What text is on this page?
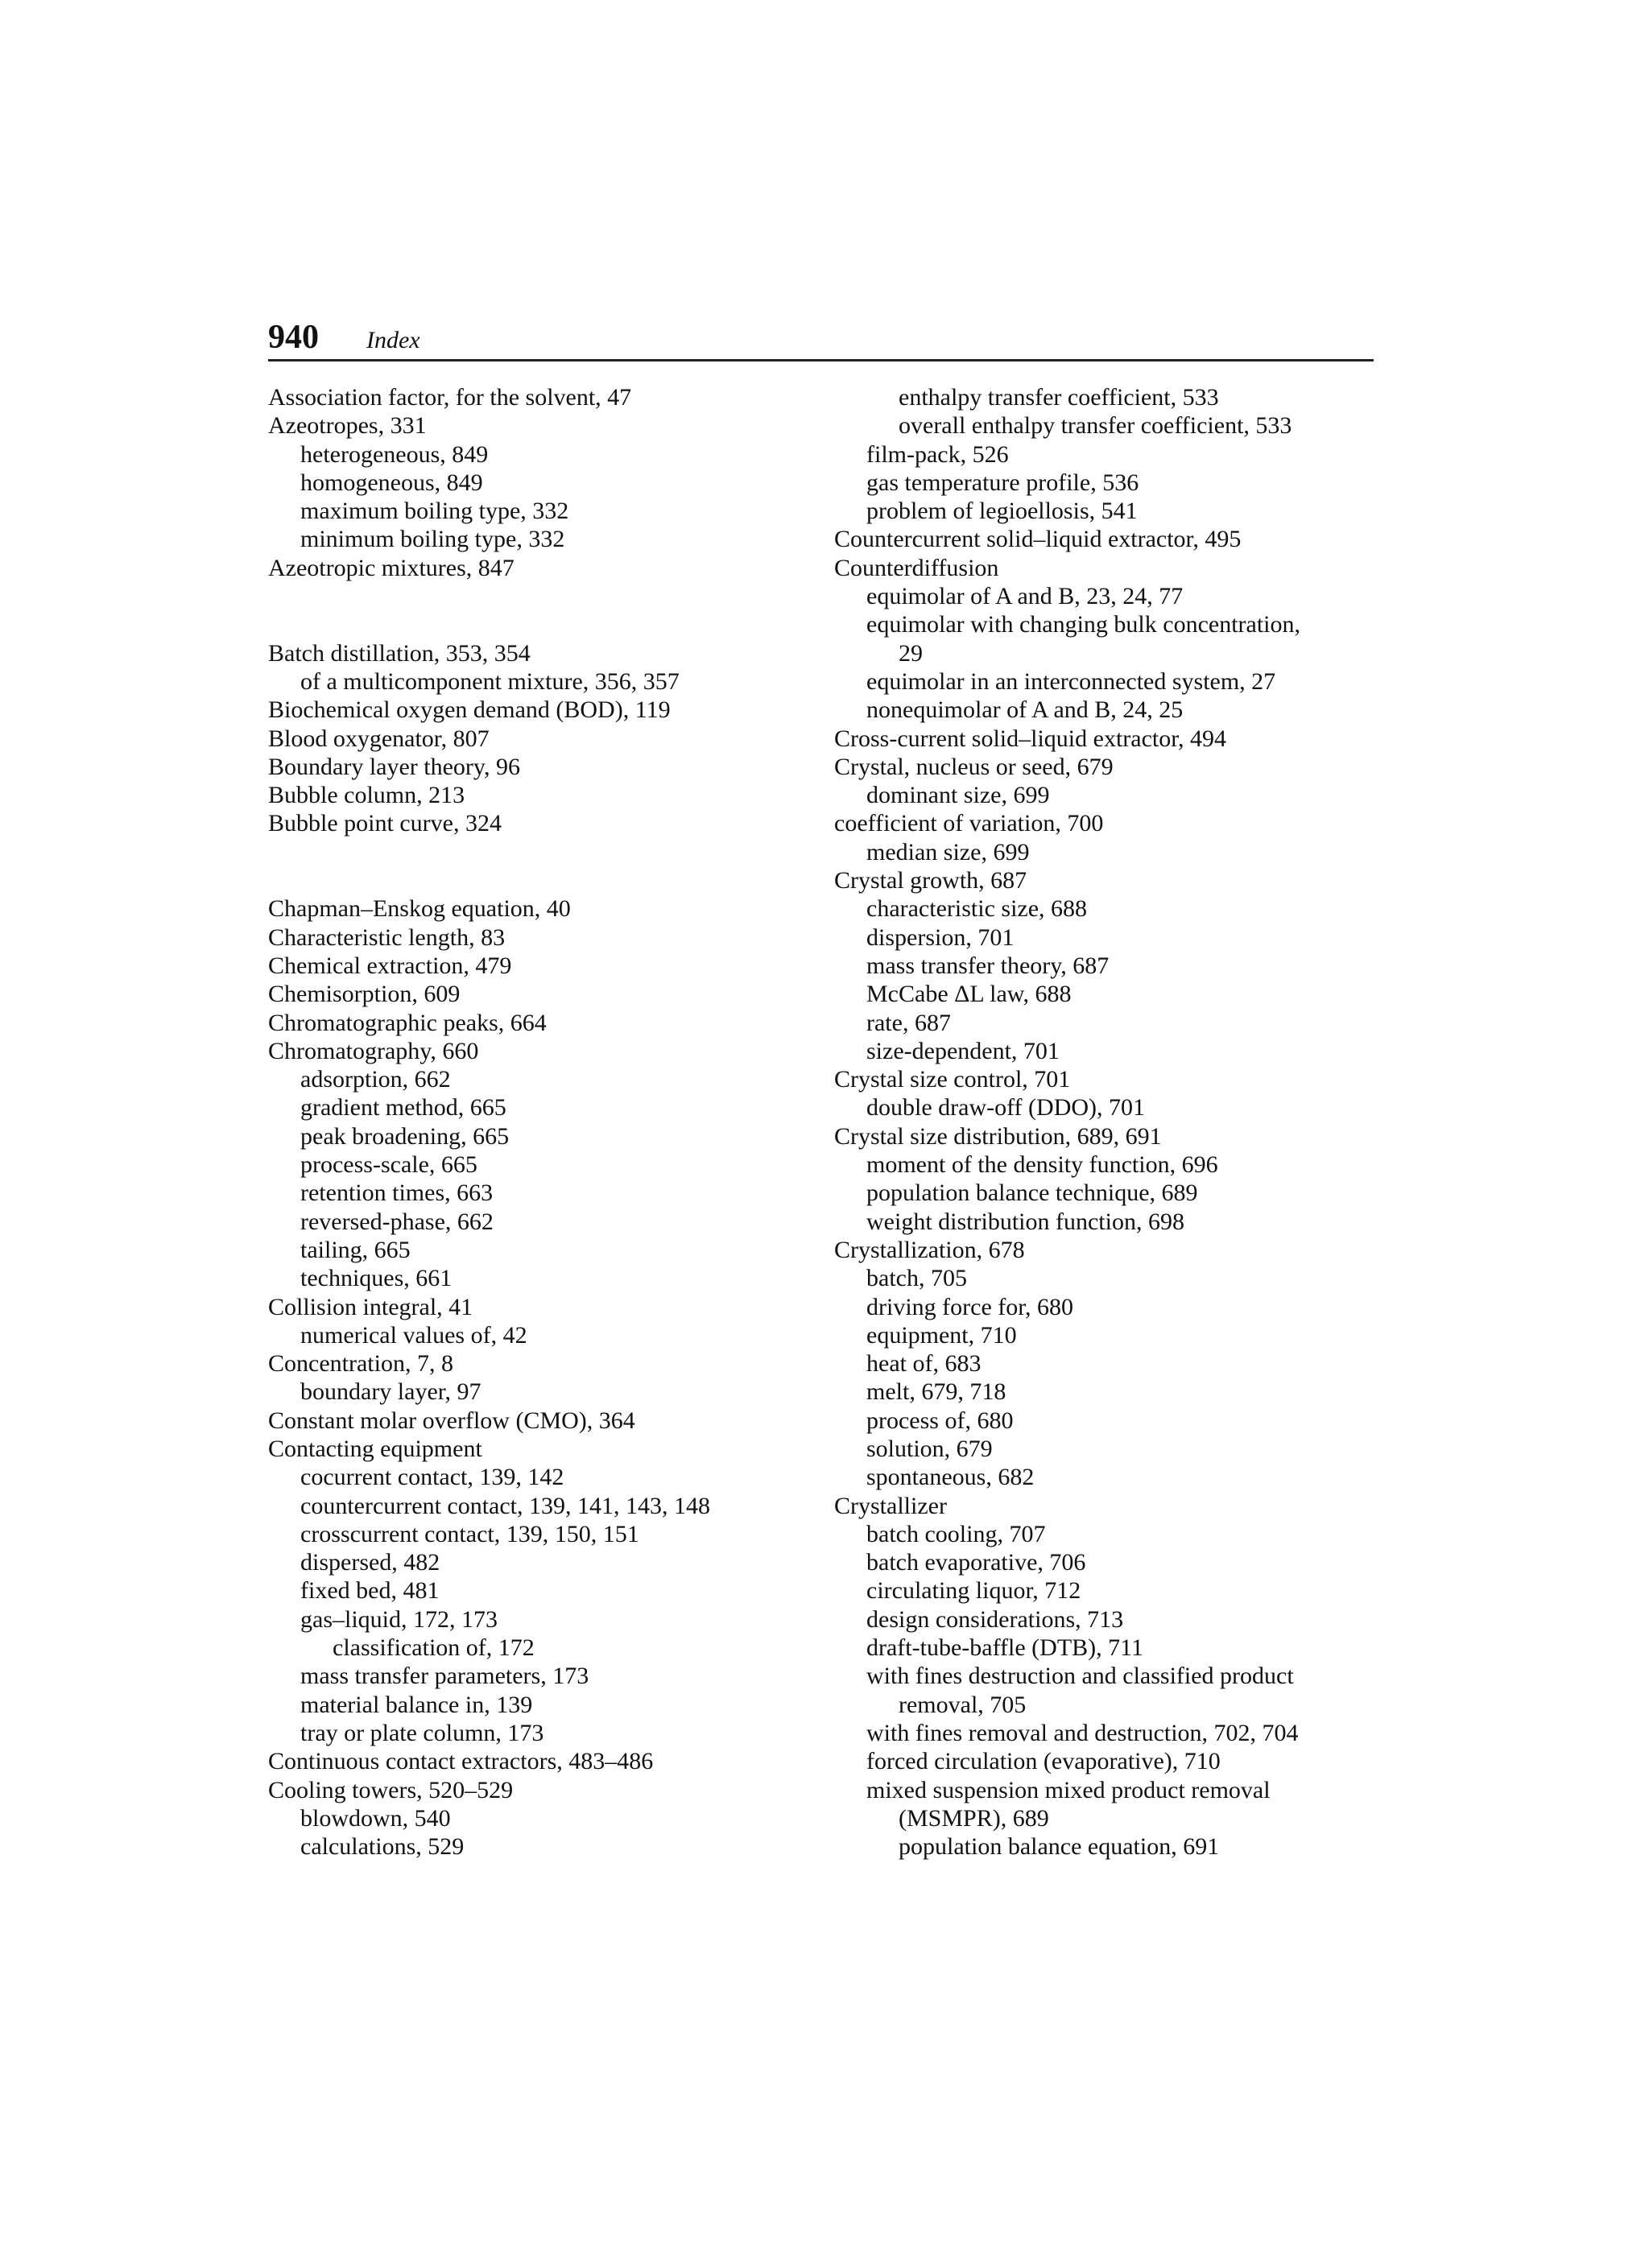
940 Index
Association factor, for the solvent, 47
Azeotropes, 331
heterogeneous, 849
homogeneous, 849
maximum boiling type, 332
minimum boiling type, 332
Azeotropic mixtures, 847
Batch distillation, 353, 354
of a multicomponent mixture, 356, 357
Biochemical oxygen demand (BOD), 119
Blood oxygenator, 807
Boundary layer theory, 96
Bubble column, 213
Bubble point curve, 324
Chapman–Enskog equation, 40
Characteristic length, 83
Chemical extraction, 479
Chemisorption, 609
Chromatographic peaks, 664
Chromatography, 660
adsorption, 662
gradient method, 665
peak broadening, 665
process-scale, 665
retention times, 663
reversed-phase, 662
tailing, 665
techniques, 661
Collision integral, 41
numerical values of, 42
Concentration, 7, 8
boundary layer, 97
Constant molar overflow (CMO), 364
Contacting equipment
cocurrent contact, 139, 142
countercurrent contact, 139, 141, 143, 148
crosscurrent contact, 139, 150, 151
dispersed, 482
fixed bed, 481
gas–liquid, 172, 173
classification of, 172
mass transfer parameters, 173
material balance in, 139
tray or plate column, 173
Continuous contact extractors, 483–486
Cooling towers, 520–529
blowdown, 540
calculations, 529
enthalpy transfer coefficient, 533
overall enthalpy transfer coefficient, 533
film-pack, 526
gas temperature profile, 536
problem of legioellosis, 541
Countercurrent solid–liquid extractor, 495
Counterdiffusion
equimolar of A and B, 23, 24, 77
equimolar with changing bulk concentration,
29
equimolar in an interconnected system, 27
nonequimolar of A and B, 24, 25
Cross-current solid–liquid extractor, 494
Crystal, nucleus or seed, 679
dominant size, 699
coefficient of variation, 700
median size, 699
Crystal growth, 687
characteristic size, 688
dispersion, 701
mass transfer theory, 687
McCabe ΔL law, 688
rate, 687
size-dependent, 701
Crystal size control, 701
double draw-off (DDO), 701
Crystal size distribution, 689, 691
moment of the density function, 696
population balance technique, 689
weight distribution function, 698
Crystallization, 678
batch, 705
driving force for, 680
equipment, 710
heat of, 683
melt, 679, 718
process of, 680
solution, 679
spontaneous, 682
Crystallizer
batch cooling, 707
batch evaporative, 706
circulating liquor, 712
design considerations, 713
draft-tube-baffle (DTB), 711
with fines destruction and classified product
removal, 705
with fines removal and destruction, 702, 704
forced circulation (evaporative), 710
mixed suspension mixed product removal
(MSMPR), 689
population balance equation, 691
